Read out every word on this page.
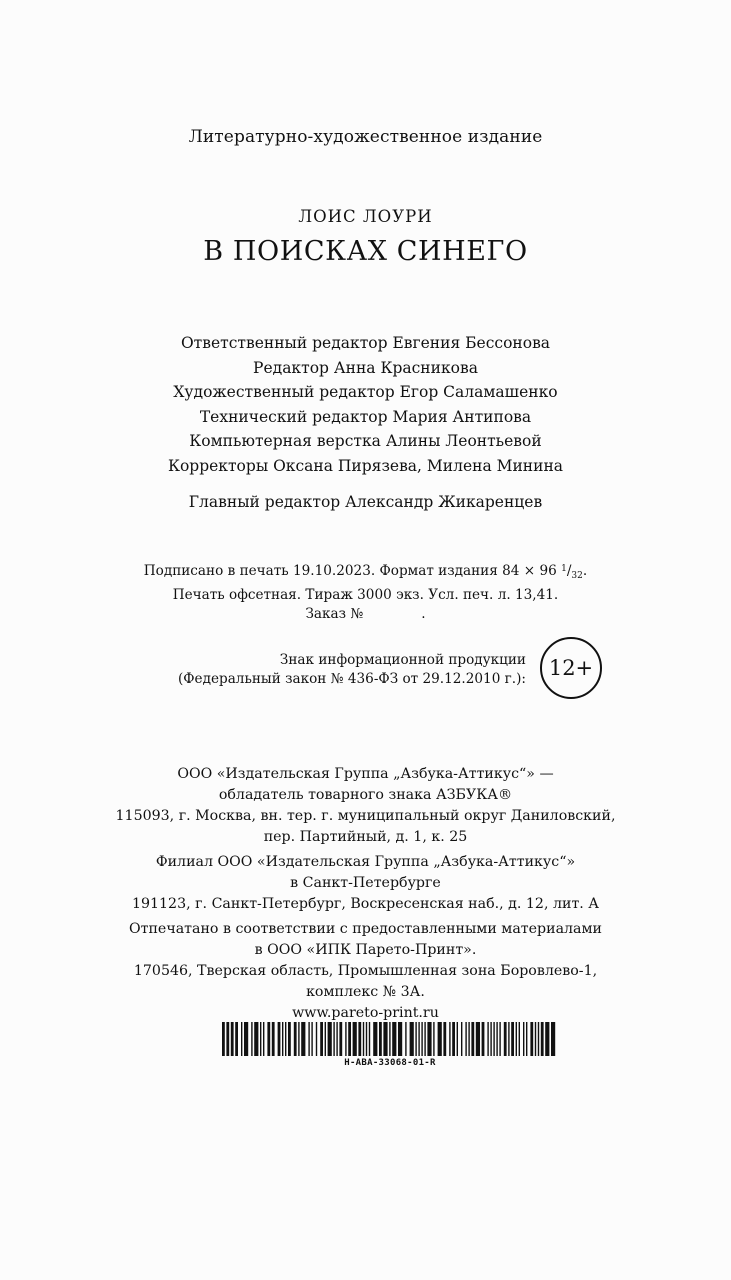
Литературно-художественное издание
ЛОИС ЛОУРИ
В ПОИСКАХ СИНЕГО
Ответственный редактор Евгения Бессонова
Редактор Анна Красникова
Художественный редактор Егор Саламашенко
Технический редактор Мария Антипова
Компьютерная верстка Алины Леонтьевой
Корректоры Оксана Пирязева, Милена Минина
Главный редактор Александр Жикаренцев
Подписано в печать 19.10.2023. Формат издания 84 × 96 $^1/_{32}$.
Печать офсетная. Тираж 3000 экз. Усл. печ. л. 13,41.
Заказ №	.
Знак информационной продукции
(Федеральный закон № 436-ФЗ от 29.12.2010 г.): 12+
ООО «Издательская Группа „Азбука-Аттикус“» —
обладатель товарного знака АЗБУКА®
115093, г. Москва, вн. тер. г. муниципальный округ Даниловский,
пер. Партийный, д. 1, к. 25
Филиал ООО «Издательская Группа „Азбука-Аттикус“»
в Санкт-Петербурге
191123, г. Санкт-Петербург, Воскресенская наб., д. 12, лит. А
Отпечатано в соответствии с предоставленными материалами
в ООО «ИПК Парето-Принт».
170546, Тверская область, Промышленная зона Боровлево-1,
комплекс № 3А.
www.pareto-print.ru
H-ABA-33068-01-R
